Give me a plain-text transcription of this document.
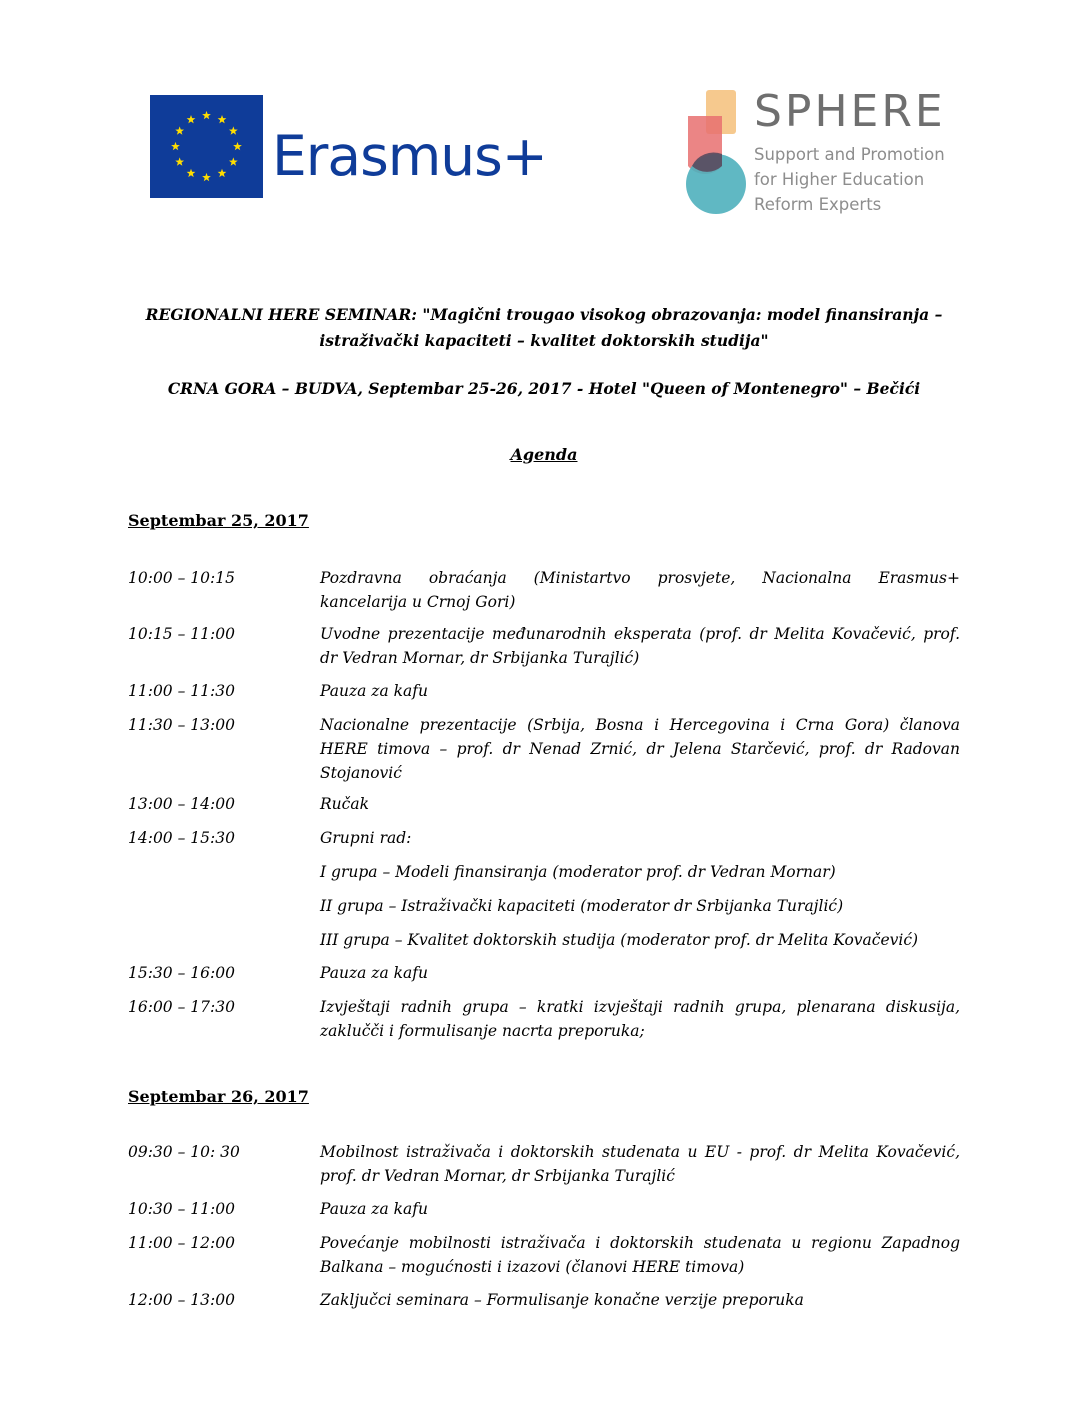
Erasmus+
SPHERE
Support and Promotion
for Higher Education
Reform Experts
REGIONALNI HERE SEMINAR: "Magični trougao visokog obrazovanja: model finansiranja –
istraživački kapaciteti – kvalitet doktorskih studija"
CRNA GORA – BUDVA, Septembar 25-26, 2017 - Hotel "Queen of Montenegro" – Bečići
Agenda
Septembar 25, 2017
10:00 – 10:15	Pozdravna obraćanja (Ministartvo prosvjete, Nacionalna Erasmus+
kancelarija u Crnoj Gori)
10:15 – 11:00	Uvodne prezentacije međunarodnih eksperata (prof. dr Melita Kovačević, prof.
dr Vedran Mornar, dr Srbijanka Turajlić)
11:00 – 11:30	Pauza za kafu
11:30 – 13:00	Nacionalne prezentacije (Srbija, Bosna i Hercegovina i Crna Gora) članova
HERE timova – prof. dr Nenad Zrnić, dr Jelena Starčević, prof. dr Radovan
Stojanović
13:00 – 14:00	Ručak
14:00 – 15:30	Grupni rad:
I grupa – Modeli finansiranja (moderator prof. dr Vedran Mornar)
II grupa – Istraživački kapaciteti (moderator dr Srbijanka Turajlić)
III grupa – Kvalitet doktorskih studija (moderator prof. dr Melita Kovačević)
15:30 – 16:00	Pauza za kafu
16:00 – 17:30	Izvještaji radnih grupa – kratki izvještaji radnih grupa, plenarana diskusija,
zaklučči i formulisanje nacrta preporuka;
Septembar 26, 2017
09:30 – 10: 30	Mobilnost istraživača i doktorskih studenata u EU - prof. dr Melita Kovačević,
prof. dr Vedran Mornar, dr Srbijanka Turajlić
10:30 – 11:00	Pauza za kafu
11:00 – 12:00	Povećanje mobilnosti istraživača i doktorskih studenata u regionu Zapadnog
Balkana – mogućnosti i izazovi (članovi HERE timova)
12:00 – 13:00	Zaključci seminara – Formulisanje konačne verzije preporuka
